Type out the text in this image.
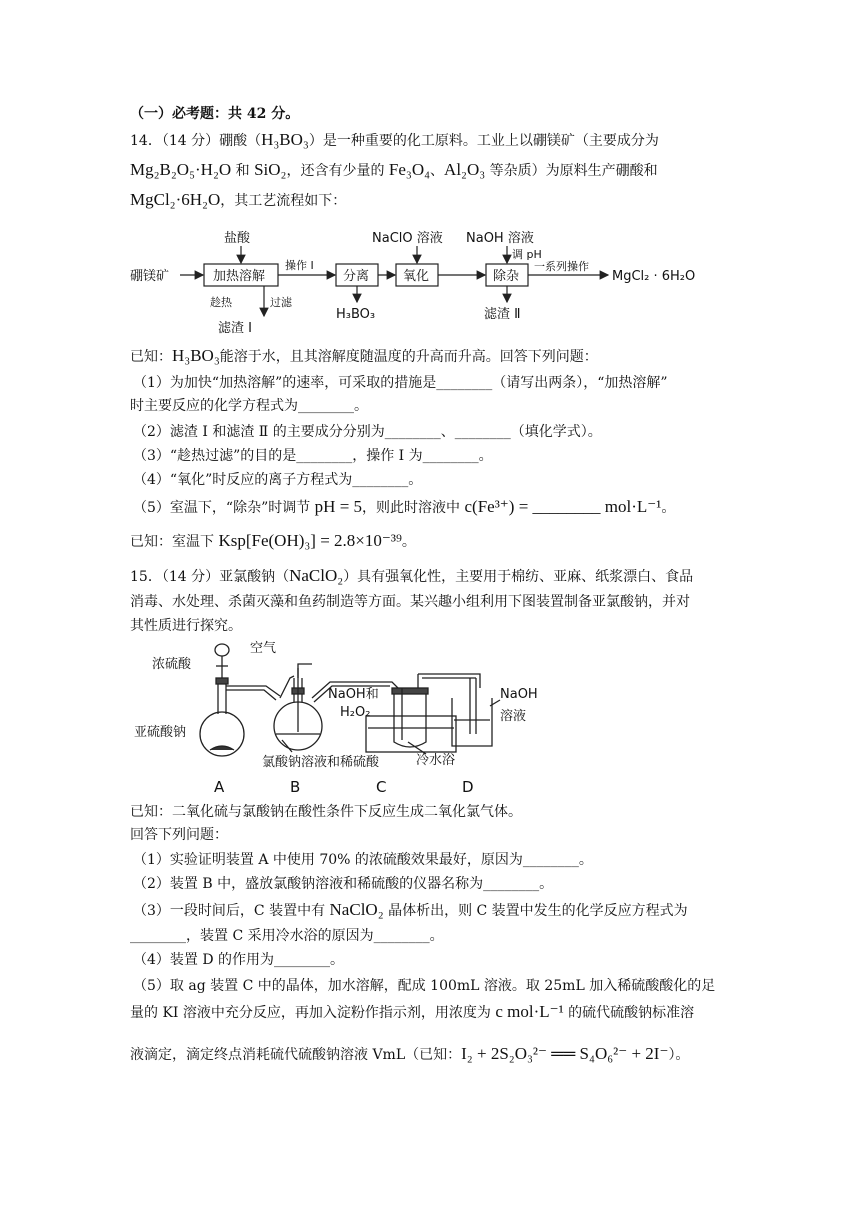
（一）必考题：共 42 分。
14．（14 分）硼酸（H₃BO₃）是一种重要的化工原料。工业上以硼镁矿（主要成分为
Mg₂B₂O₅·H₂O 和 SiO₂，还含有少量的 Fe₃O₄、Al₂O₃ 等杂质）为原料生产硼酸和
MgCl₂·6H₂O，其工艺流程如下：
硼镁矿
盐酸
加热溶解
操作 Ⅰ
分离
NaClO 溶液
氧化
NaOH 溶液
调 pH
除杂
一系列操作
MgCl₂ · 6H₂O
趁热	过滤
滤渣 Ⅰ
H₃BO₃	滤渣 Ⅱ
已知：H₃BO₃能溶于水，且其溶解度随温度的升高而升高。回答下列问题：
（1）为加快“加热溶解”的速率，可采取的措施是________（请写出两条），“加热溶解”
时主要反应的化学方程式为________。
（2）滤渣 Ⅰ 和滤渣 Ⅱ 的主要成分分别为________、________（填化学式）。
（3）“趁热过滤”的目的是________，操作 Ⅰ 为________。
（4）“氧化”时反应的离子方程式为________。
（5）室温下，“除杂”时调节 pH = 5，则此时溶液中 c(Fe³⁺) = ________ mol·L⁻¹。
已知：室温下 Ksp[Fe(OH)₃] = 2.8×10⁻³⁹。
15．（14 分）亚氯酸钠（NaClO₂）具有强氧化性，主要用于棉纺、亚麻、纸浆漂白、食品
消毒、水处理、杀菌灭藻和鱼药制造等方面。某兴趣小组利用下图装置制备亚氯酸钠，并对
其性质进行探究。
浓硫酸
空气
NaOH和
H₂O₂
NaOH
溶液
亚硫酸钠
氯酸钠溶液和稀硫酸	冷水浴
A	B	C	D
已知：二氧化硫与氯酸钠在酸性条件下反应生成二氧化氯气体。
回答下列问题：
（1）实验证明装置 A 中使用 70% 的浓硫酸效果最好，原因为________。
（2）装置 B 中，盛放氯酸钠溶液和稀硫酸的仪器名称为________。
（3）一段时间后，C 装置中有 NaClO₂ 晶体析出，则 C 装置中发生的化学反应方程式为
________，装置 C 采用冷水浴的原因为________。
（4）装置 D 的作用为________。
（5）取 ag 装置 C 中的晶体，加水溶解，配成 100mL 溶液。取 25mL 加入稀硫酸酸化的足
量的 KI 溶液中充分反应，再加入淀粉作指示剂，用浓度为 c mol·L⁻¹ 的硫代硫酸钠标准溶
液滴定，滴定终点消耗硫代硫酸钠溶液 VmL（已知：I₂ + 2S₂O₃²⁻ ══ S₄O₆²⁻ + 2I⁻）。
